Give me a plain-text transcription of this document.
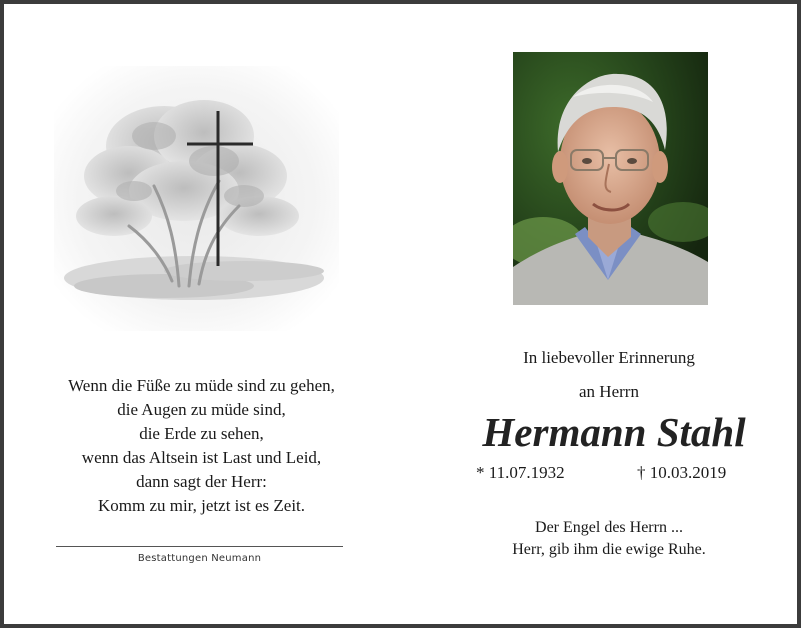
Wenn die Füße zu müde sind zu gehen,
die Augen zu müde sind,
die Erde zu sehen,
wenn das Altsein ist Last und Leid,
dann sagt der Herr:
Komm zu mir, jetzt ist es Zeit.
Bestattungen Neumann
In liebevoller Erinnerung
an Herrn
Hermann Stahl
* 11.07.1932	† 10.03.2019
Der Engel des Herrn ...
Herr, gib ihm die ewige Ruhe.
